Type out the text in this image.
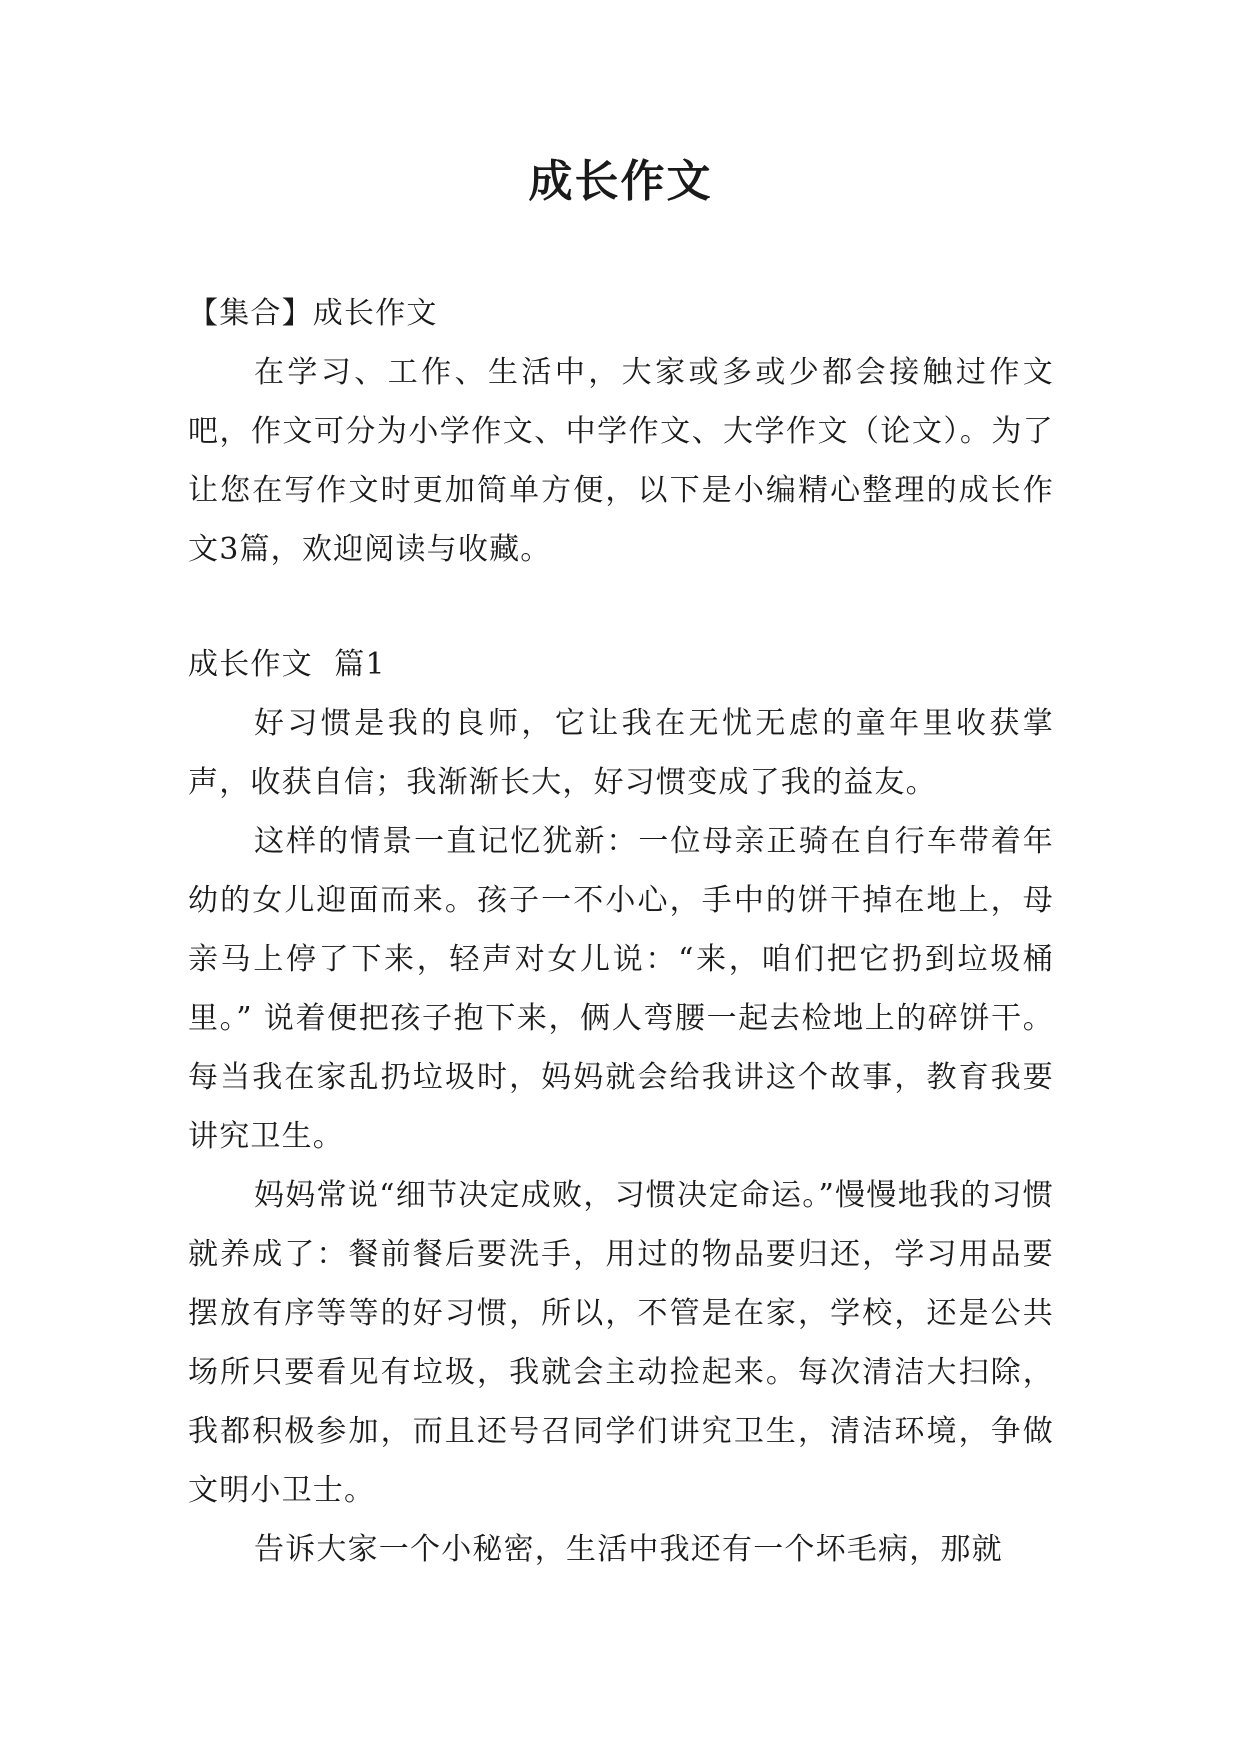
成长作文

【集合】成长作文

在学习、工作、生活中，大家或多或少都会接触过作文吧，作文可分为小学作文、中学作文、大学作文（论文）。为了让您在写作文时更加简单方便，以下是小编精心整理的成长作文3篇，欢迎阅读与收藏。

成长作文  篇1

好习惯是我的良师，它让我在无忧无虑的童年里收获掌声，收获自信；我渐渐长大，好习惯变成了我的益友。

这样的情景一直记忆犹新：一位母亲正骑在自行车带着年幼的女儿迎面而来。孩子一不小心，手中的饼干掉在地上，母亲马上停了下来，轻声对女儿说：“来，咱们把它扔到垃圾桶里。” 说着便把孩子抱下来，俩人弯腰一起去检地上的碎饼干。每当我在家乱扔垃圾时，妈妈就会给我讲这个故事，教育我要讲究卫生。

妈妈常说“细节决定成败，习惯决定命运。”慢慢地我的习惯就养成了：餐前餐后要洗手，用过的物品要归还，学习用品要摆放有序等等的好习惯，所以，不管是在家，学校，还是公共场所只要看见有垃圾，我就会主动捡起来。每次清洁大扫除，我都积极参加，而且还号召同学们讲究卫生，清洁环境，争做文明小卫士。

告诉大家一个小秘密，生活中我还有一个坏毛病，那就
